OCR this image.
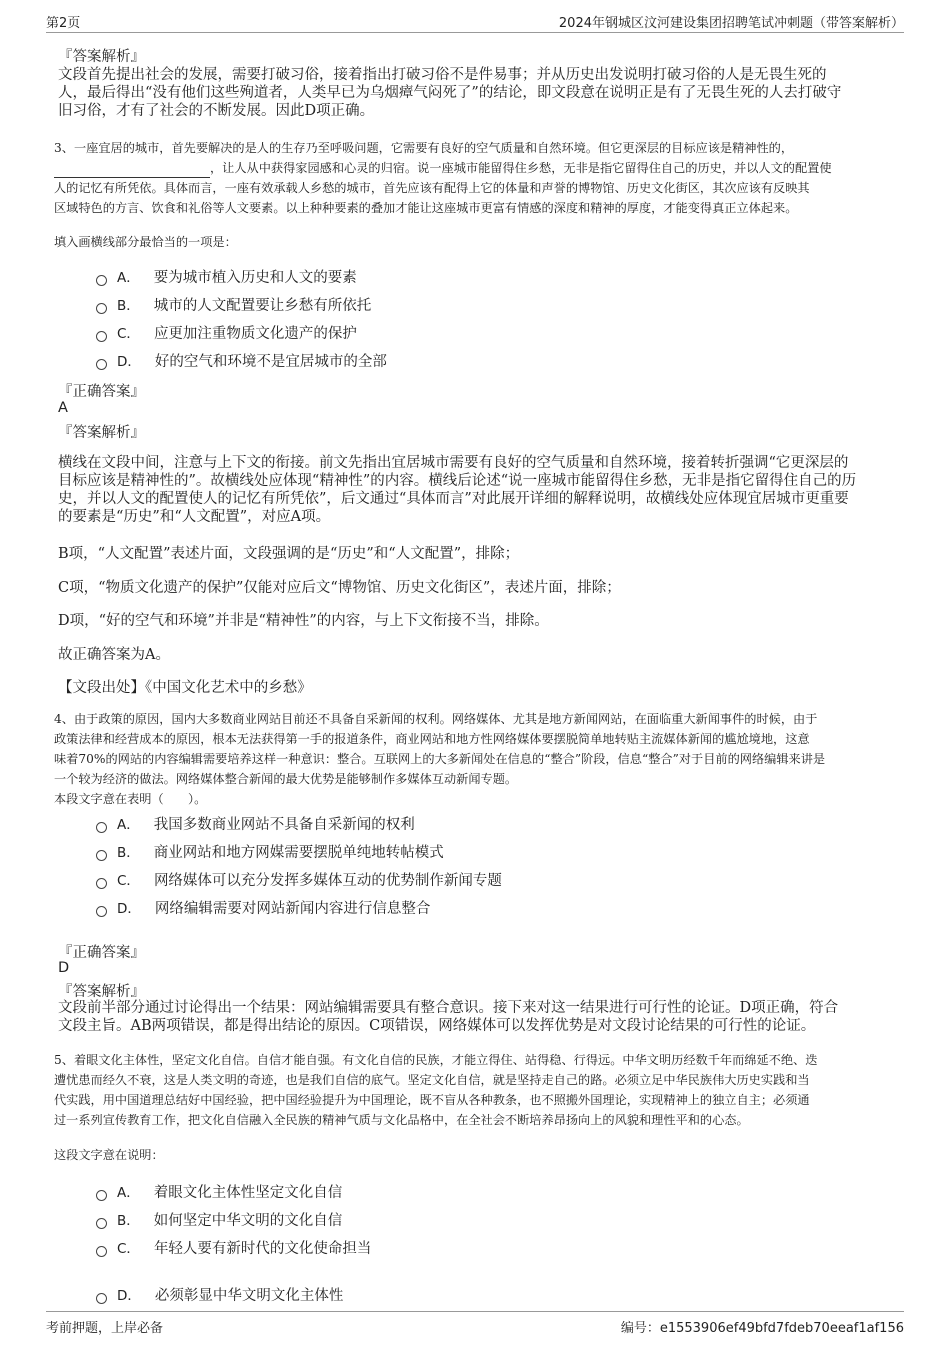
第2页	2024年钢城区汶河建设集团招聘笔试冲刺题（带答案解析）
『答案解析』

文段首先提出社会的发展，需要打破习俗，接着指出打破习俗不是件易事；并从历史出发说明打破习俗的人是无畏生死的

人，最后得出“没有他们这些殉道者，人类早已为乌烟瘴气闷死了”的结论，即文段意在说明正是有了无畏生死的人去打破守

旧习俗，才有了社会的不断发展。因此D项正确。

3、一座宜居的城市，首先要解决的是人的生存乃至呼吸问题，它需要有良好的空气质量和自然环境。但它更深层的目标应该是精神性的，

，让人从中获得家园感和心灵的归宿。说一座城市能留得住乡愁，无非是指它留得住自己的历史，并以人文的配置使

人的记忆有所凭依。具体而言，一座有效承载人乡愁的城市，首先应该有配得上它的体量和声誉的博物馆、历史文化街区，其次应该有反映其

区域特色的方言、饮食和礼俗等人文要素。以上种种要素的叠加才能让这座城市更富有情感的深度和精神的厚度，才能变得真正立体起来。

填入画横线部分最恰当的一项是：
A． 要为城市植入历史和人文的要素
B． 城市的人文配置要让乡愁有所依托
C． 应更加注重物质文化遗产的保护
D． 好的空气和环境不是宜居城市的全部
『正确答案』
A
『答案解析』

横线在文段中间，注意与上下文的衔接。前文先指出宜居城市需要有良好的空气质量和自然环境，接着转折强调“它更深层的

目标应该是精神性的”。故横线处应体现“精神性”的内容。横线后论述“说一座城市能留得住乡愁，无非是指它留得住自己的历

史，并以人文的配置使人的记忆有所凭依”，后文通过“具体而言”对此展开详细的解释说明，故横线处应体现宜居城市更重要

的要素是“历史”和“人文配置”，对应A项。

B项，“人文配置”表述片面，文段强调的是“历史”和“人文配置”，排除；
C项，“物质文化遗产的保护”仅能对应后文“博物馆、历史文化街区”，表述片面，排除；
D项，“好的空气和环境”并非是“精神性”的内容，与上下文衔接不当，排除。
故正确答案为A。
【文段出处】《中国文化艺术中的乡愁》

4、由于政策的原因，国内大多数商业网站目前还不具备自采新闻的权利。网络媒体、尤其是地方新闻网站，在面临重大新闻事件的时候，由于

政策法律和经营成本的原因，根本无法获得第一手的报道条件，商业网站和地方性网络媒体要摆脱简单地转贴主流媒体新闻的尴尬境地，这意

味着70%的网站的内容编辑需要培养这样一种意识：整合。互联网上的大多新闻处在信息的“整合”阶段，信息“整合”对于目前的网络编辑来讲是

一个较为经济的做法。网络媒体整合新闻的最大优势是能够制作多媒体互动新闻专题。

本段文字意在表明（　　）。

A． 我国多数商业网站不具备自采新闻的权利
B． 商业网站和地方网媒需要摆脱单纯地转帖模式
C． 网络媒体可以充分发挥多媒体互动的优势制作新闻专题
D． 网络编辑需要对网站新闻内容进行信息整合
『正确答案』
D
『答案解析』

文段前半部分通过讨论得出一个结果：网站编辑需要具有整合意识。接下来对这一结果进行可行性的论证。D项正确，符合

文段主旨。AB两项错误，都是得出结论的原因。C项错误，网络媒体可以发挥优势是对文段讨论结果的可行性的论证。

5、着眼文化主体性，坚定文化自信。自信才能自强。有文化自信的民族，才能立得住、站得稳、行得远。中华文明历经数千年而绵延不绝、迭

遭忧患而经久不衰，这是人类文明的奇迹，也是我们自信的底气。坚定文化自信，就是坚持走自己的路。必须立足中华民族伟大历史实践和当

代实践，用中国道理总结好中国经验，把中国经验提升为中国理论，既不盲从各种教条，也不照搬外国理论，实现精神上的独立自主；必须通

过一系列宣传教育工作，把文化自信融入全民族的精神气质与文化品格中，在全社会不断培养昂扬向上的风貌和理性平和的心态。

这段文字意在说明：
A． 着眼文化主体性坚定文化自信
B． 如何坚定中华文明的文化自信
C． 年轻人要有新时代的文化使命担当
D． 必须彰显中华文明文化主体性
考前押题，上岸必备	编号：e1553906ef49bfd7fdeb70eeaf1af156
